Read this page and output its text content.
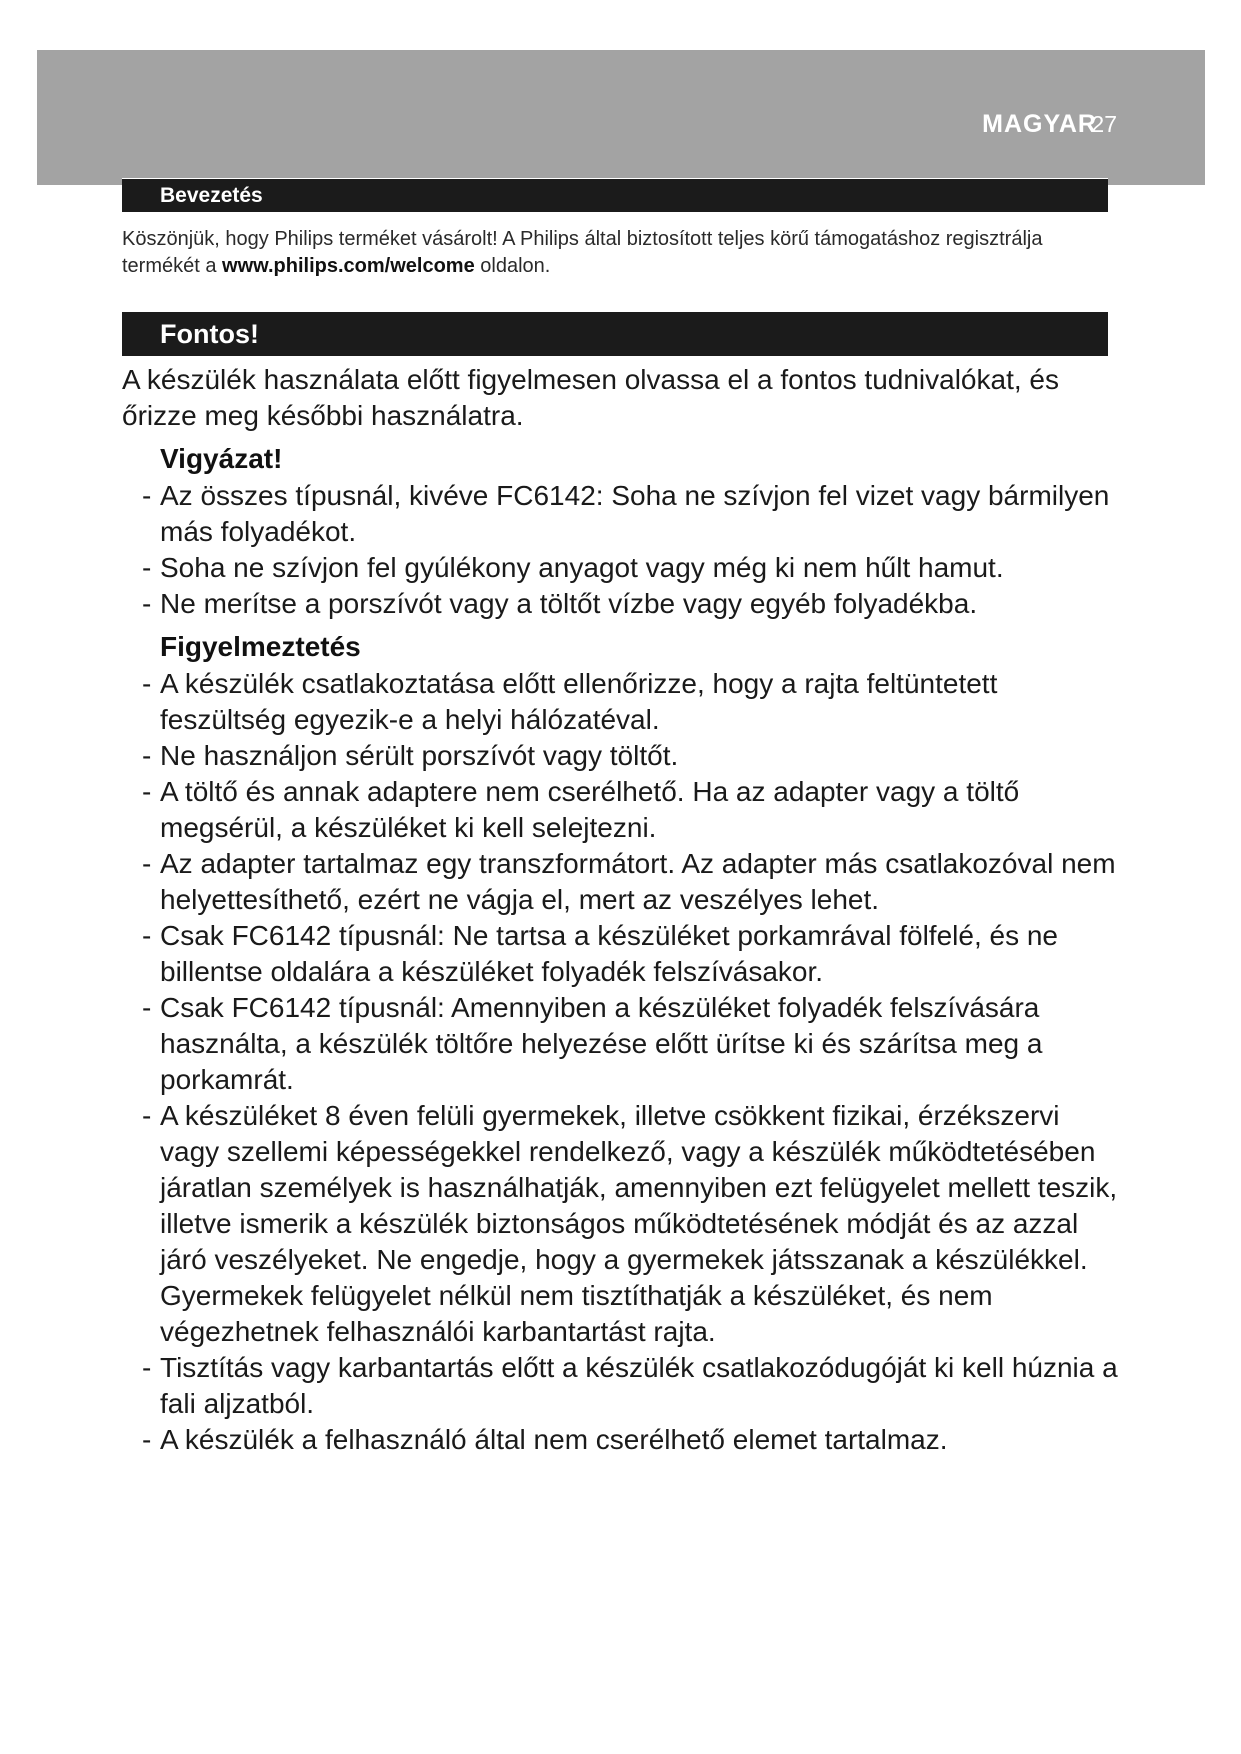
MAGYAR
27
Bevezetés
Köszönjük, hogy Philips terméket vásárolt! A Philips által biztosított teljes körű támogatáshoz regisztrálja termékét a www.philips.com/welcome oldalon.
Fontos!

A készülék használata előtt figyelmesen olvassa el a fontos tudnivalókat, és őrizze meg későbbi használatra.

Vigyázat!
- Az összes típusnál, kivéve FC6142: Soha ne szívjon fel vizet vagy bármilyen más folyadékot.
- Soha ne szívjon fel gyúlékony anyagot vagy még ki nem hűlt hamut.
- Ne merítse a porszívót vagy a töltőt vízbe vagy egyéb folyadékba.
Figyelmeztetés
- A készülék csatlakoztatása előtt ellenőrizze, hogy a rajta feltüntetett feszültség egyezik-e a helyi hálózatéval.
- Ne használjon sérült porszívót vagy töltőt.
- A töltő és annak adaptere nem cserélhető. Ha az adapter vagy a töltő megsérül, a készüléket ki kell selejtezni.
- Az adapter tartalmaz egy transzformátort. Az adapter más csatlakozóval nem helyettesíthető, ezért ne vágja el, mert az veszélyes lehet.
- Csak FC6142 típusnál: Ne tartsa a készüléket porkamrával fölfelé, és ne billentse oldalára a készüléket folyadék felszívásakor.
- Csak FC6142 típusnál: Amennyiben a készüléket folyadék felszívására használta, a készülék töltőre helyezése előtt ürítse ki és szárítsa meg a porkamrát.
- A készüléket 8 éven felüli gyermekek, illetve csökkent fizikai, érzékszervi vagy szellemi képességekkel rendelkező, vagy a készülék működtetésében járatlan személyek is használhatják, amennyiben ezt felügyelet mellett teszik, illetve ismerik a készülék biztonságos működtetésének módját és az azzal járó veszélyeket. Ne engedje, hogy a gyermekek játsszanak a készülékkel. Gyermekek felügyelet nélkül nem tisztíthatják a készüléket, és nem végezhetnek felhasználói karbantartást rajta.
- Tisztítás vagy karbantartás előtt a készülék csatlakozódugóját ki kell húznia a fali aljzatból.
- A készülék a felhasználó által nem cserélhető elemet tartalmaz.
